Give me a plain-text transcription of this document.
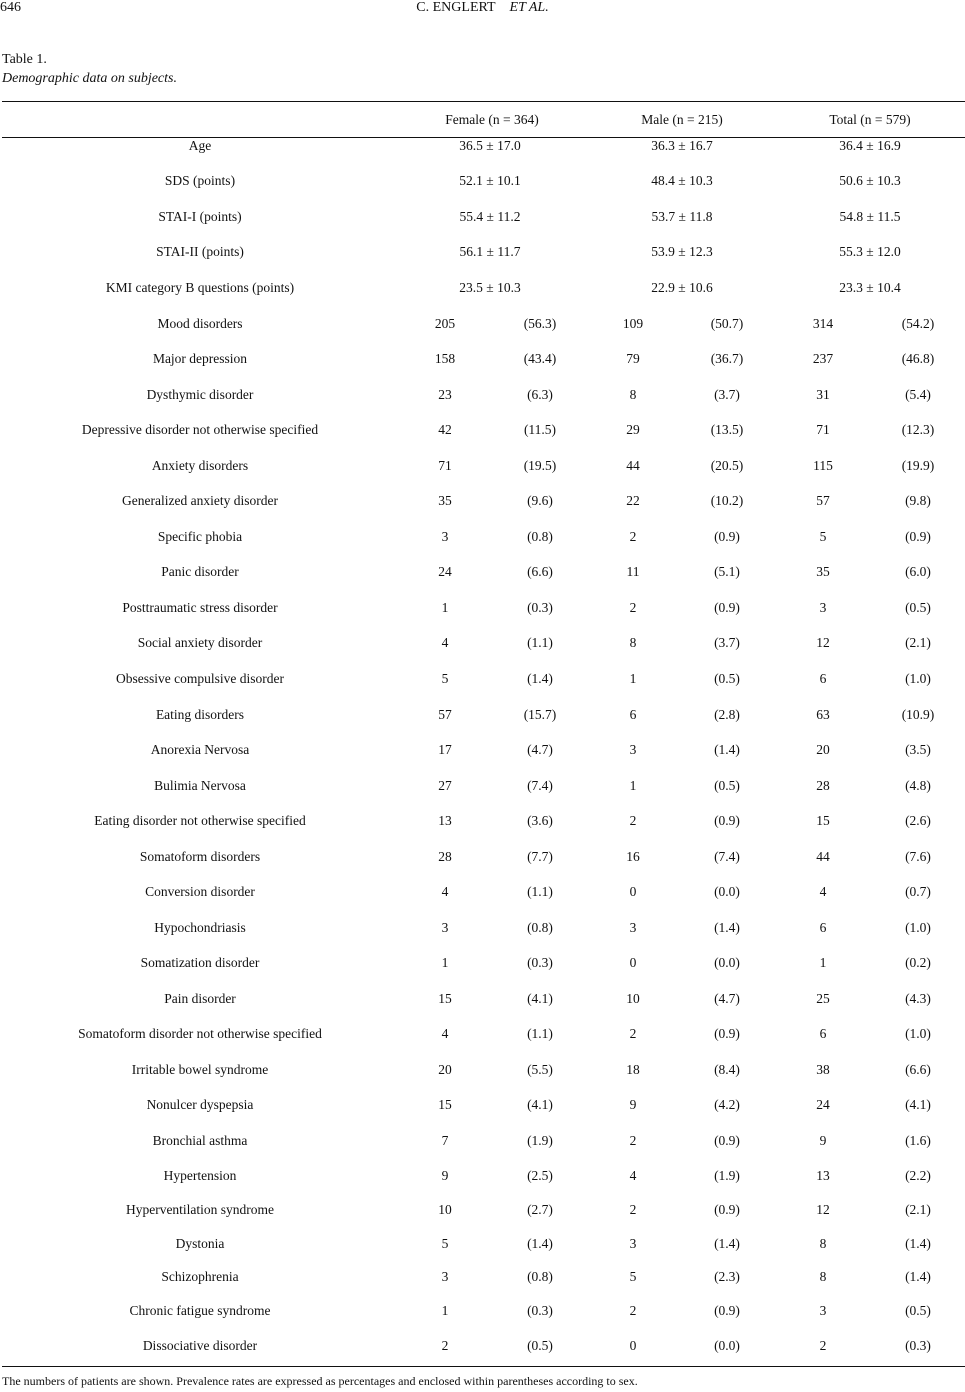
646	C. ENGLERT ET AL.
Table 1.
Demographic data on subjects.
Female (n = 364)	Male (n = 215)	Total (n = 579)
Age	36.5 ± 17.0	36.3 ± 16.7	36.4 ± 16.9
SDS (points)	52.1 ± 10.1	48.4 ± 10.3	50.6 ± 10.3
STAI-I (points)	55.4 ± 11.2	53.7 ± 11.8	54.8 ± 11.5
STAI-II (points)	56.1 ± 11.7	53.9 ± 12.3	55.3 ± 12.0
KMI category B questions (points)	23.5 ± 10.3	22.9 ± 10.6	23.3 ± 10.4
Mood disorders	205	(56.3)	109	(50.7)	314	(54.2)
Major depression	158	(43.4)	79	(36.7)	237	(46.8)
Dysthymic disorder	23	(6.3)	8	(3.7)	31	(5.4)
Depressive disorder not otherwise specified	42	(11.5)	29	(13.5)	71	(12.3)
Anxiety disorders	71	(19.5)	44	(20.5)	115	(19.9)
Generalized anxiety disorder	35	(9.6)	22	(10.2)	57	(9.8)
Specific phobia	3	(0.8)	2	(0.9)	5	(0.9)
Panic disorder	24	(6.6)	11	(5.1)	35	(6.0)
Posttraumatic stress disorder	1	(0.3)	2	(0.9)	3	(0.5)
Social anxiety disorder	4	(1.1)	8	(3.7)	12	(2.1)
Obsessive compulsive disorder	5	(1.4)	1	(0.5)	6	(1.0)
Eating disorders	57	(15.7)	6	(2.8)	63	(10.9)
Anorexia Nervosa	17	(4.7)	3	(1.4)	20	(3.5)
Bulimia Nervosa	27	(7.4)	1	(0.5)	28	(4.8)
Eating disorder not otherwise specified	13	(3.6)	2	(0.9)	15	(2.6)
Somatoform disorders	28	(7.7)	16	(7.4)	44	(7.6)
Conversion disorder	4	(1.1)	0	(0.0)	4	(0.7)
Hypochondriasis	3	(0.8)	3	(1.4)	6	(1.0)
Somatization disorder	1	(0.3)	0	(0.0)	1	(0.2)
Pain disorder	15	(4.1)	10	(4.7)	25	(4.3)
Somatoform disorder not otherwise specified	4	(1.1)	2	(0.9)	6	(1.0)
Irritable bowel syndrome	20	(5.5)	18	(8.4)	38	(6.6)
Nonulcer dyspepsia	15	(4.1)	9	(4.2)	24	(4.1)
Bronchial asthma	7	(1.9)	2	(0.9)	9	(1.6)
Hypertension	9	(2.5)	4	(1.9)	13	(2.2)
Hyperventilation syndrome	10	(2.7)	2	(0.9)	12	(2.1)
Dystonia	5	(1.4)	3	(1.4)	8	(1.4)
Schizophrenia	3	(0.8)	5	(2.3)	8	(1.4)
Chronic fatigue syndrome	1	(0.3)	2	(0.9)	3	(0.5)
Dissociative disorder	2	(0.5)	0	(0.0)	2	(0.3)
The numbers of patients are shown. Prevalence rates are expressed as percentages and enclosed within parentheses according to sex.
